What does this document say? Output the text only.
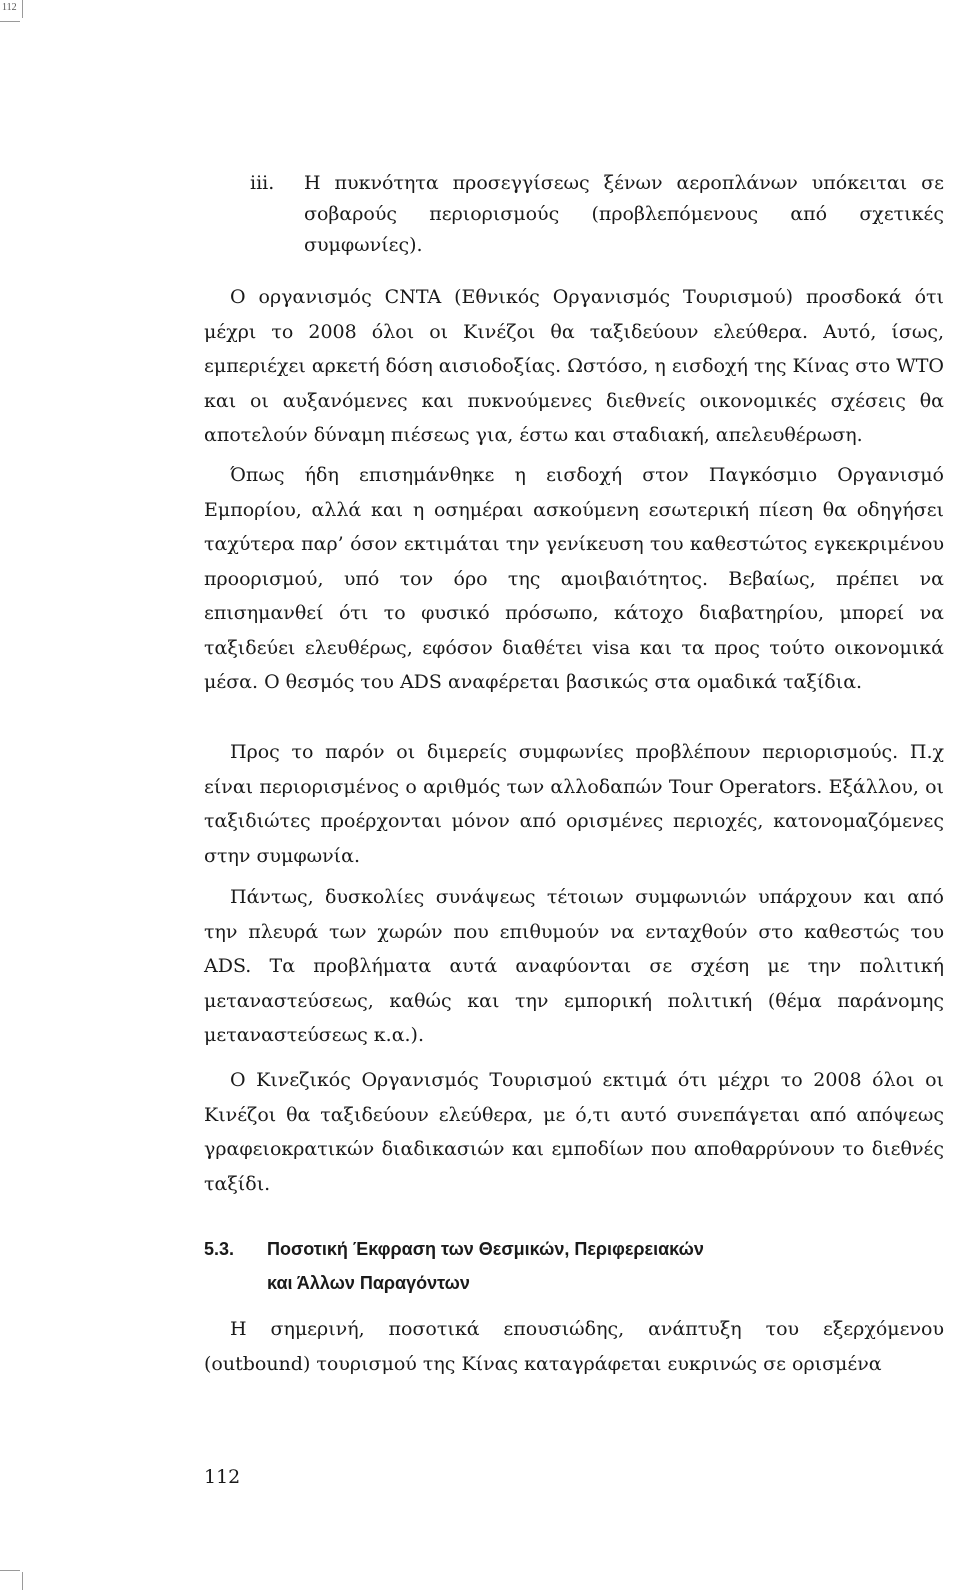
112
iii. Η πυκνότητα προσεγγίσεως ξένων αεροπλάνων υπόκειται σε σοβαρούς περιορισμούς (προβλεπόμενους από σχετικές συμφωνίες).

Ο οργανισμός CNTA (Εθνικός Οργανισμός Τουρισμού) προσδοκά ότι μέχρι το 2008 όλοι οι Κινέζοι θα ταξιδεύουν ελεύθερα. Αυτό, ίσως, εμπεριέχει αρκετή δόση αισιοδοξίας. Ωστόσο, η εισδοχή της Κίνας στο WTO και οι αυξανόμενες και πυκνούμενες διεθνείς οικονομικές σχέσεις θα αποτελούν δύναμη πιέσεως για, έστω και σταδιακή, απελευθέρωση.

Όπως ήδη επισημάνθηκε η εισδοχή στον Παγκόσμιο Οργανισμό Εμπορίου, αλλά και η οσημέραι ασκούμενη εσωτερική πίεση θα οδηγήσει ταχύτερα παρ’ όσον εκτιμάται την γενίκευση του καθεστώτος εγκεκριμένου προορισμού, υπό τον όρο της αμοιβαιότητος. Βεβαίως, πρέπει να επισημανθεί ότι το φυσικό πρόσωπο, κάτοχο διαβατηρίου, μπορεί να ταξιδεύει ελευθέρως, εφόσον διαθέτει visa και τα προς τούτο οικονομικά μέσα. Ο θεσμός του ADS αναφέρεται βασικώς στα ομαδικά ταξίδια.

Προς το παρόν οι διμερείς συμφωνίες προβλέπουν περιορισμούς. Π.χ είναι περιορισμένος ο αριθμός των αλλοδαπών Tour Operators. Εξάλλου, οι ταξιδιώτες προέρχονται μόνον από ορισμένες περιοχές, κατονομαζόμενες στην συμφωνία.

Πάντως, δυσκολίες συνάψεως τέτοιων συμφωνιών υπάρχουν και από την πλευρά των χωρών που επιθυμούν να ενταχθούν στο καθεστώς του ADS. Τα προβλήματα αυτά αναφύονται σε σχέση με την πολιτική μεταναστεύσεως, καθώς και την εμπορική πολιτική (θέμα παράνομης μεταναστεύσεως κ.α.).

Ο Κινεζικός Οργανισμός Τουρισμού εκτιμά ότι μέχρι το 2008 όλοι οι Κινέζοι θα ταξιδεύουν ελεύθερα, με ό,τι αυτό συνεπάγεται από απόψεως γραφειοκρατικών διαδικασιών και εμποδίων που αποθαρρύνουν το διεθνές ταξίδι.

5.3. Ποσοτική Έκφραση των Θεσμικών, Περιφερειακών
και Άλλων Παραγόντων

Η σημερινή, ποσοτικά επουσιώδης, ανάπτυξη του εξερχόμενου (outbound) τουρισμού της Κίνας καταγράφεται ευκρινώς σε ορισμένα

112
